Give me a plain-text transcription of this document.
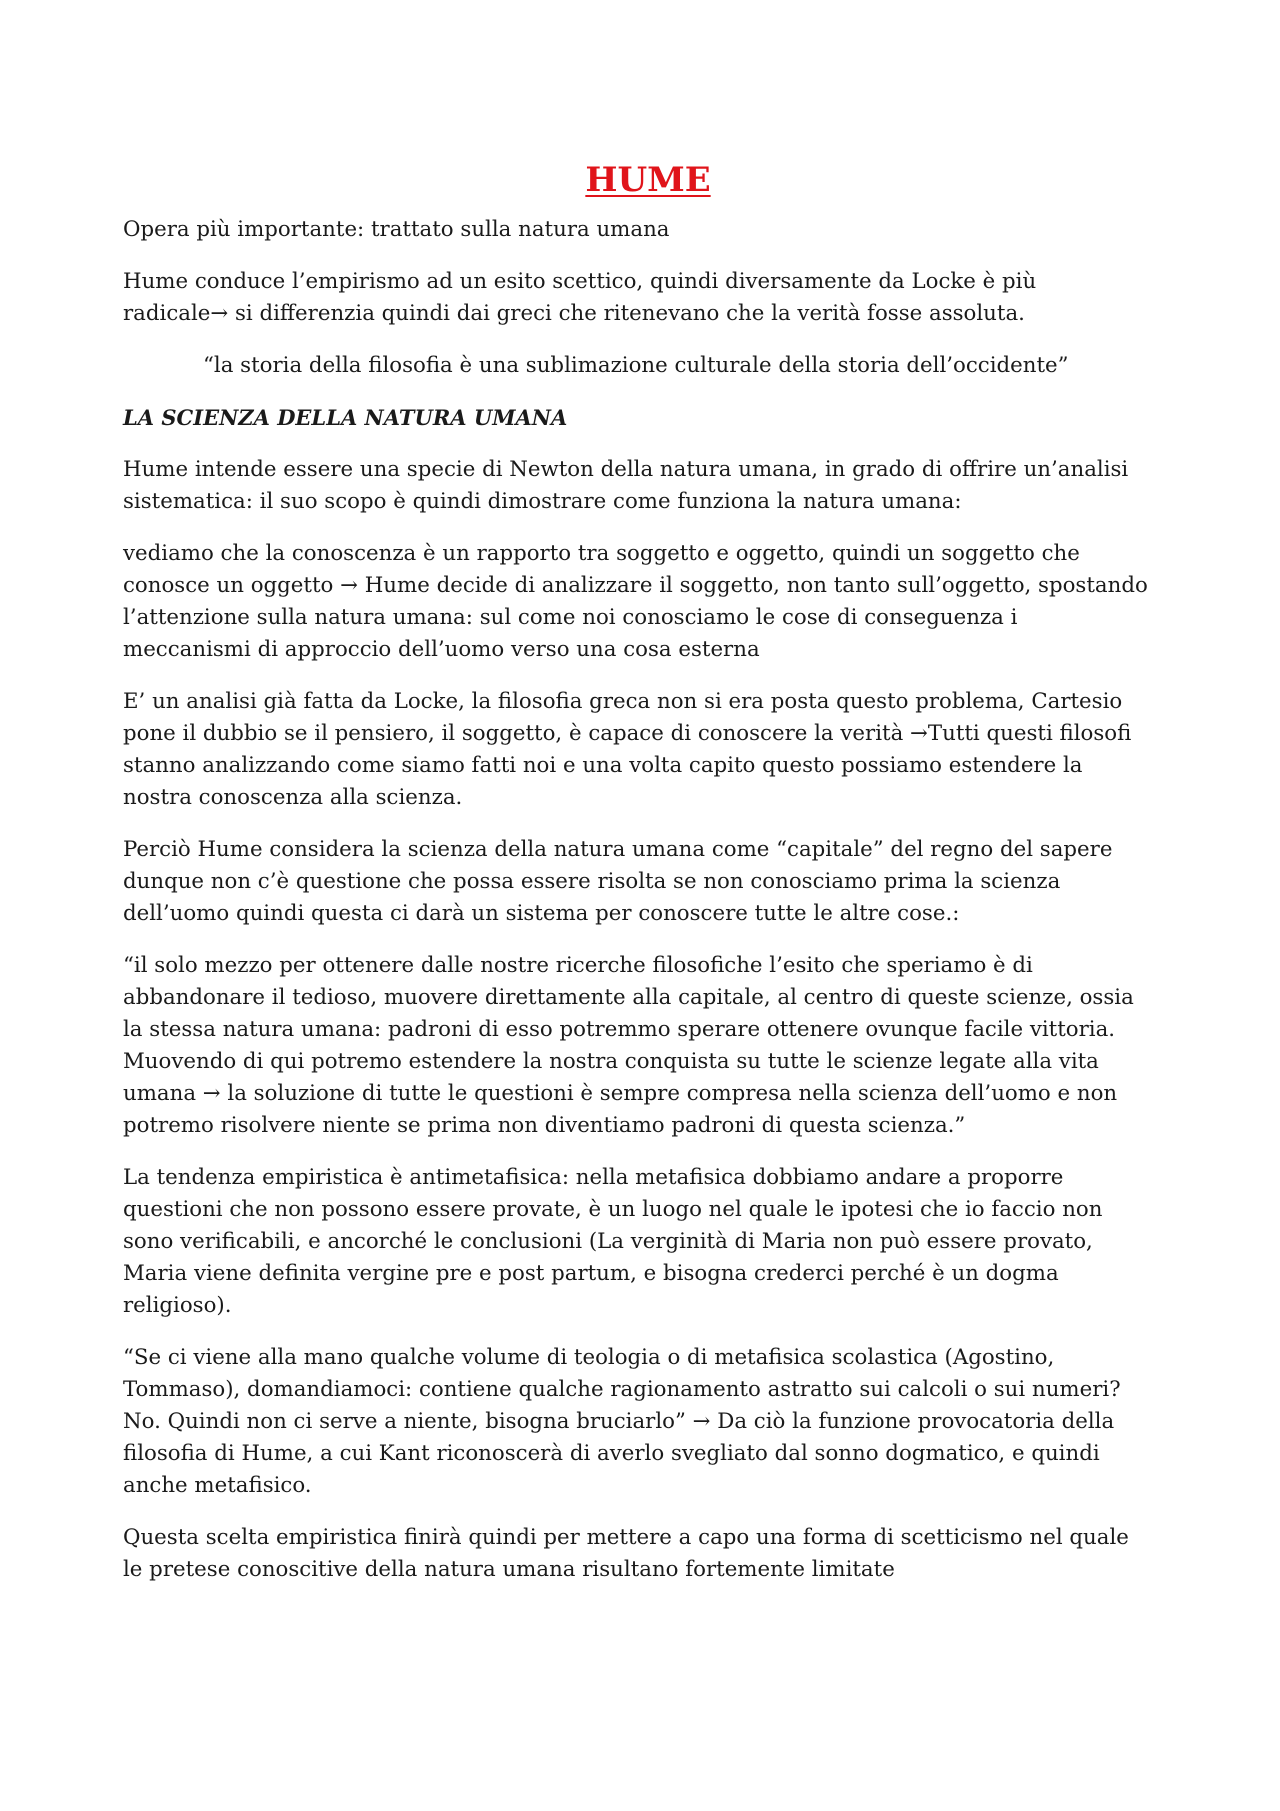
HUME
Opera più importante: trattato sulla natura umana
Hume conduce l’empirismo ad un esito scettico, quindi diversamente da Locke è più
radicale→ si differenzia quindi dai greci che ritenevano che la verità fosse assoluta.
“la storia della filosofia è una sublimazione culturale della storia dell’occidente”
LA SCIENZA DELLA NATURA UMANA
Hume intende essere una specie di Newton della natura umana, in grado di offrire un’analisi
sistematica: il suo scopo è quindi dimostrare come funziona la natura umana:
vediamo che la conoscenza è un rapporto tra soggetto e oggetto, quindi un soggetto che
conosce un oggetto → Hume decide di analizzare il soggetto, non tanto sull’oggetto, spostando
l’attenzione sulla natura umana: sul come noi conosciamo le cose di conseguenza i
meccanismi di approccio dell’uomo verso una cosa esterna
E’ un analisi già fatta da Locke, la filosofia greca non si era posta questo problema, Cartesio
pone il dubbio se il pensiero, il soggetto, è capace di conoscere la verità →Tutti questi filosofi
stanno analizzando come siamo fatti noi e una volta capito questo possiamo estendere la
nostra conoscenza alla scienza.
Perciò Hume considera la scienza della natura umana come “capitale” del regno del sapere
dunque non c’è questione che possa essere risolta se non conosciamo prima la scienza
dell’uomo quindi questa ci darà un sistema per conoscere tutte le altre cose.:
“il solo mezzo per ottenere dalle nostre ricerche filosofiche l’esito che speriamo è di
abbandonare il tedioso, muovere direttamente alla capitale, al centro di queste scienze, ossia
la stessa natura umana: padroni di esso potremmo sperare ottenere ovunque facile vittoria.
Muovendo di qui potremo estendere la nostra conquista su tutte le scienze legate alla vita
umana → la soluzione di tutte le questioni è sempre compresa nella scienza dell’uomo e non
potremo risolvere niente se prima non diventiamo padroni di questa scienza.”
La tendenza empiristica è antimetafisica: nella metafisica dobbiamo andare a proporre
questioni che non possono essere provate, è un luogo nel quale le ipotesi che io faccio non
sono verificabili, e ancorché le conclusioni (La verginità di Maria non può essere provato,
Maria viene definita vergine pre e post partum, e bisogna crederci perché è un dogma
religioso).
“Se ci viene alla mano qualche volume di teologia o di metafisica scolastica (Agostino,
Tommaso), domandiamoci: contiene qualche ragionamento astratto sui calcoli o sui numeri?
No. Quindi non ci serve a niente, bisogna bruciarlo” → Da ciò la funzione provocatoria della
filosofia di Hume, a cui Kant riconoscerà di averlo svegliato dal sonno dogmatico, e quindi
anche metafisico.
Questa scelta empiristica finirà quindi per mettere a capo una forma di scetticismo nel quale
le pretese conoscitive della natura umana risultano fortemente limitate
